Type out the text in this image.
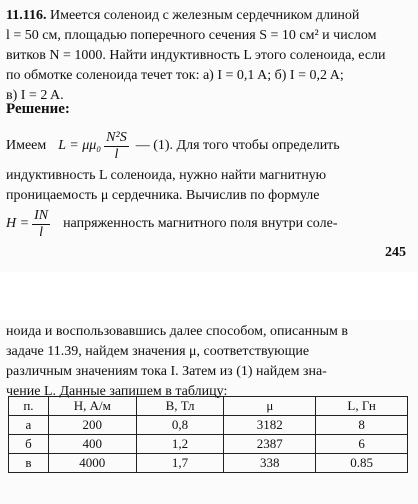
11.116. Имеется соленоид с железным сердечником длиной
l = 50 см, площадью поперечного сечения S = 10 см² и числом
витков N = 1000. Найти индуктивность L этого соленоида, если
по обмотке соленоида течет ток: а) I = 0,1 A; б) I = 0,2 A;
в) I = 2 A.
Решение:
Имеем $L = \mu\mu_0 \frac{\text{N²S}}{l}$ — (1). Для того чтобы определить
индуктивность L соленоида, нужно найти магнитную
проницаемость μ сердечника. Вычислив по формуле
$H = \frac{IN}{l}$ напряженность магнитного поля внутри соле-
245
ноида и воспользовавшись далее способом, описанным в
задаче 11.39, найдем значения μ, соответствующие
различным значениям тока I. Затем из (1) найдем зна-
чение L. Данные запишем в таблицу:
п.	H, А/м	B, Тл	μ	L, Гн
а	200	0,8	3182	8
б	400	1,2	2387	6
в	4000	1,7	338	0.85
